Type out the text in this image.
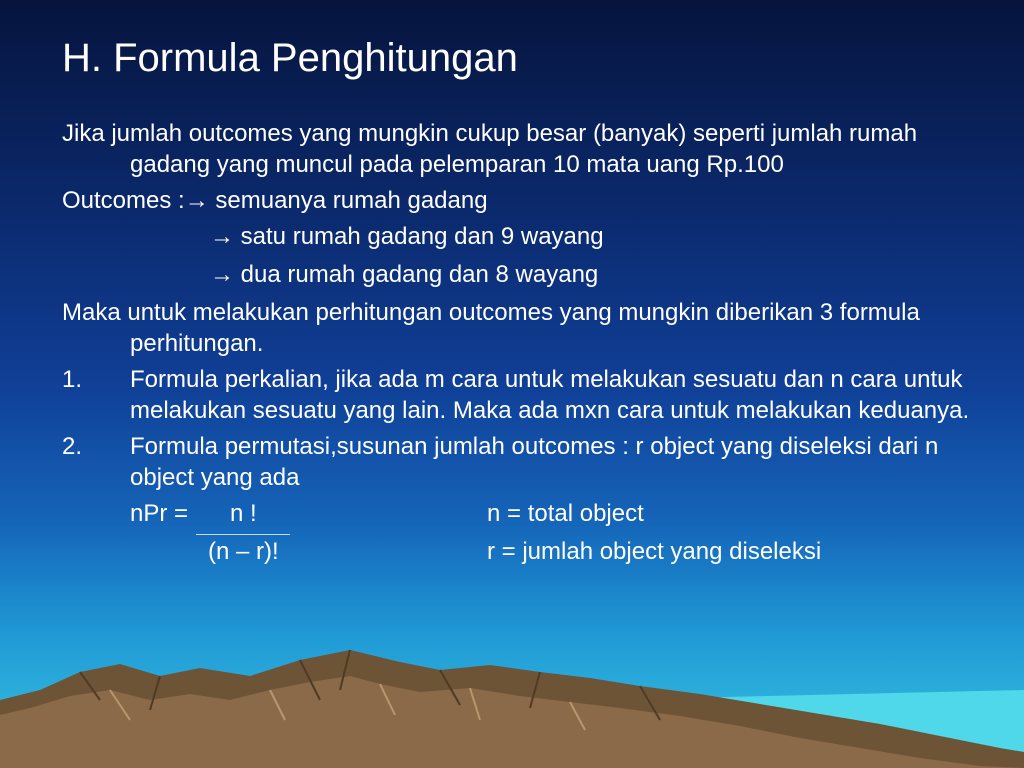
H. Formula Penghitungan

Jika jumlah outcomes yang mungkin cukup besar (banyak) seperti jumlah rumah gadang yang muncul pada pelemparan 10 mata uang Rp.100

Outcomes :→ semuanya rumah gadang

→ satu rumah gadang dan 9 wayang

→ dua rumah gadang dan 8 wayang

Maka untuk melakukan perhitungan outcomes yang mungkin diberikan 3 formula perhitungan.

1.	Formula perkalian, jika ada m cara untuk melakukan sesuatu dan n cara untuk melakukan sesuatu yang lain. Maka ada mxn cara untuk melakukan keduanya.
2.	Formula permutasi,susunan jumlah outcomes : r object yang diseleksi dari n object yang ada
nPr = n !
(n – r)!
n = total object
r = jumlah object yang diseleksi
